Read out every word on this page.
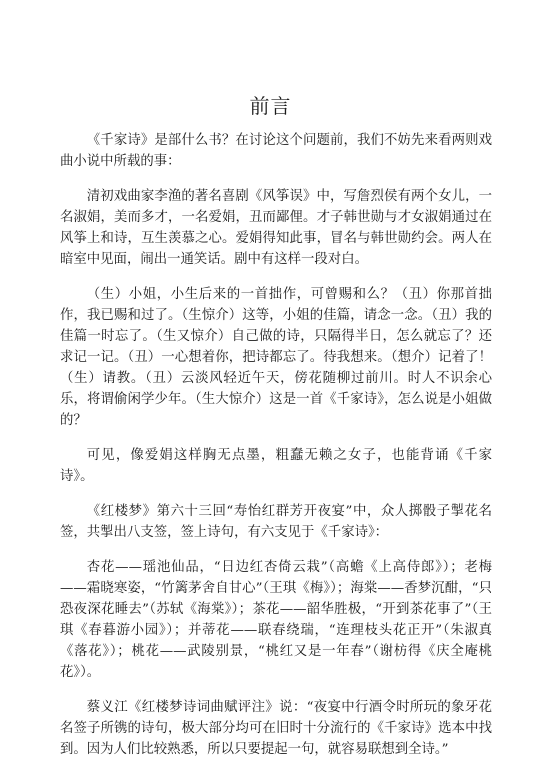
前言

《千家诗》是部什么书？在讨论这个问题前，我们不妨先来看两则戏曲小说中所载的事：

清初戏曲家李渔的著名喜剧《风筝误》中，写詹烈侯有两个女儿，一名淑娟，美而多才，一名爱娟，丑而鄙俚。才子韩世勋与才女淑娟通过在风筝上和诗，互生羡慕之心。爱娟得知此事，冒名与韩世勋约会。两人在暗室中见面，闹出一通笑话。剧中有这样一段对白。

（生）小姐，小生后来的一首拙作，可曾赐和么？（丑）你那首拙作，我已赐和过了。（生惊介）这等，小姐的佳篇，请念一念。（丑）我的佳篇一时忘了。（生又惊介）自己做的诗，只隔得半日，怎么就忘了？还求记一记。（丑）一心想着你，把诗都忘了。待我想来。（想介）记着了！（生）请教。（丑）云淡风轻近午天，傍花随柳过前川。时人不识余心乐，将谓偷闲学少年。（生大惊介）这是一首《千家诗》，怎么说是小姐做的？

可见，像爱娟这样胸无点墨，粗蠢无赖之女子，也能背诵《千家诗》。

《红楼梦》第六十三回“寿怡红群芳开夜宴”中，众人掷骰子掣花名签，共掣出八支签，签上诗句，有六支见于《千家诗》：

杏花——瑶池仙品，“日边红杏倚云栽”（高蟾《上高侍郎》）；老梅——霜晓寒姿，“竹篱茅舍自甘心”（王琪《梅》）；海棠——香梦沉酣，“只恐夜深花睡去”（苏轼《海棠》）；茶花——韶华胜极，“开到茶花事了”（王琪《春暮游小园》）；并蒂花——联春绕瑞，“连理枝头花正开”（朱淑真《落花》）；桃花——武陵别景，“桃红又是一年春”（谢枋得《庆全庵桃花》）。

蔡义江《红楼梦诗词曲赋评注》说：“夜宴中行酒令时所玩的象牙花名签子所镌的诗句，极大部分均可在旧时十分流行的《千家诗》选本中找到。因为人们比较熟悉，所以只要提起一句，就容易联想到全诗。”
